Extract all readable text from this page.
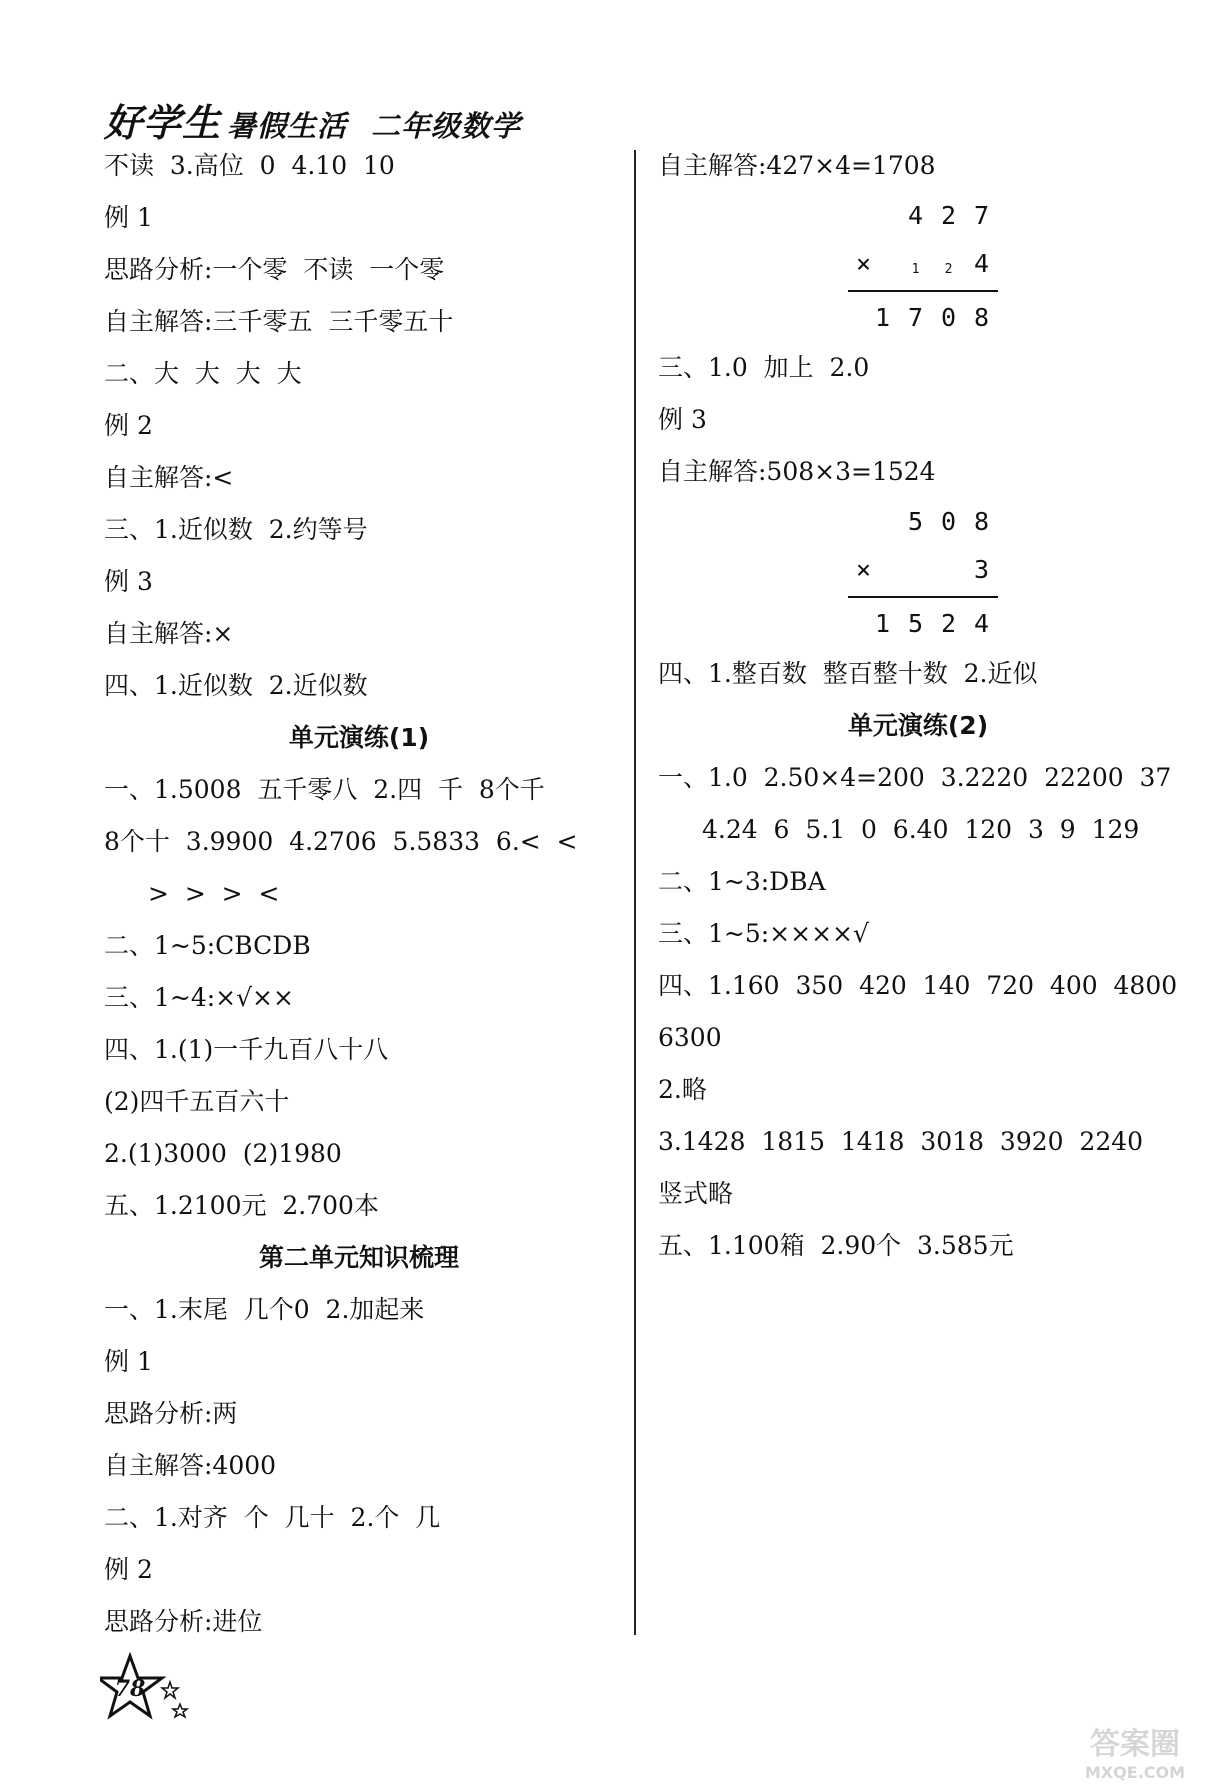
好学生 暑假生活 二年级数学
不读  3.高位  0  4.10  10
例 1
思路分析:一个零  不读  一个零
自主解答:三千零五  三千零五十
二、大  大  大  大
例 2
自主解答:<
三、1.近似数  2.约等号
例 3
自主解答:×
四、1.近似数  2.近似数
单元演练(1)
一、1.5008  五千零八  2.四  千  8个千
8个十  3.9900  4.2706  5.5833  6.<  <
>  >  >  <
二、1~5:CBCDB
三、1~4:×√××
四、1.(1)一千九百八十八
(2)四千五百六十
2.(1)3000  (2)1980
五、1.2100元  2.700本
第二单元知识梳理
一、1.末尾  几个0  2.加起来
例 1
思路分析:两
自主解答:4000
二、1.对齐  个  几十  2.个  几
例 2
思路分析:进位
自主解答:427×4=1708
4 2 7
×	1	2 4
1 7 0 8
三、1.0  加上  2.0
例 3
自主解答:508×3=1524
5 0 8
×	3
1 5 2 4
四、1.整百数  整百整十数  2.近似
单元演练(2)
一、1.0  2.50×4=200  3.2220  22200  37
4.24  6  5.1  0  6.40  120  3  9  129
二、1~3:DBA
三、1~5:××××√
四、1.160  350  420  140  720  400  4800
6300
2.略
3.1428  1815  1418  3018  3920  2240
竖式略
五、1.100箱  2.90个  3.585元
78
答案圈
MXQE.COM
